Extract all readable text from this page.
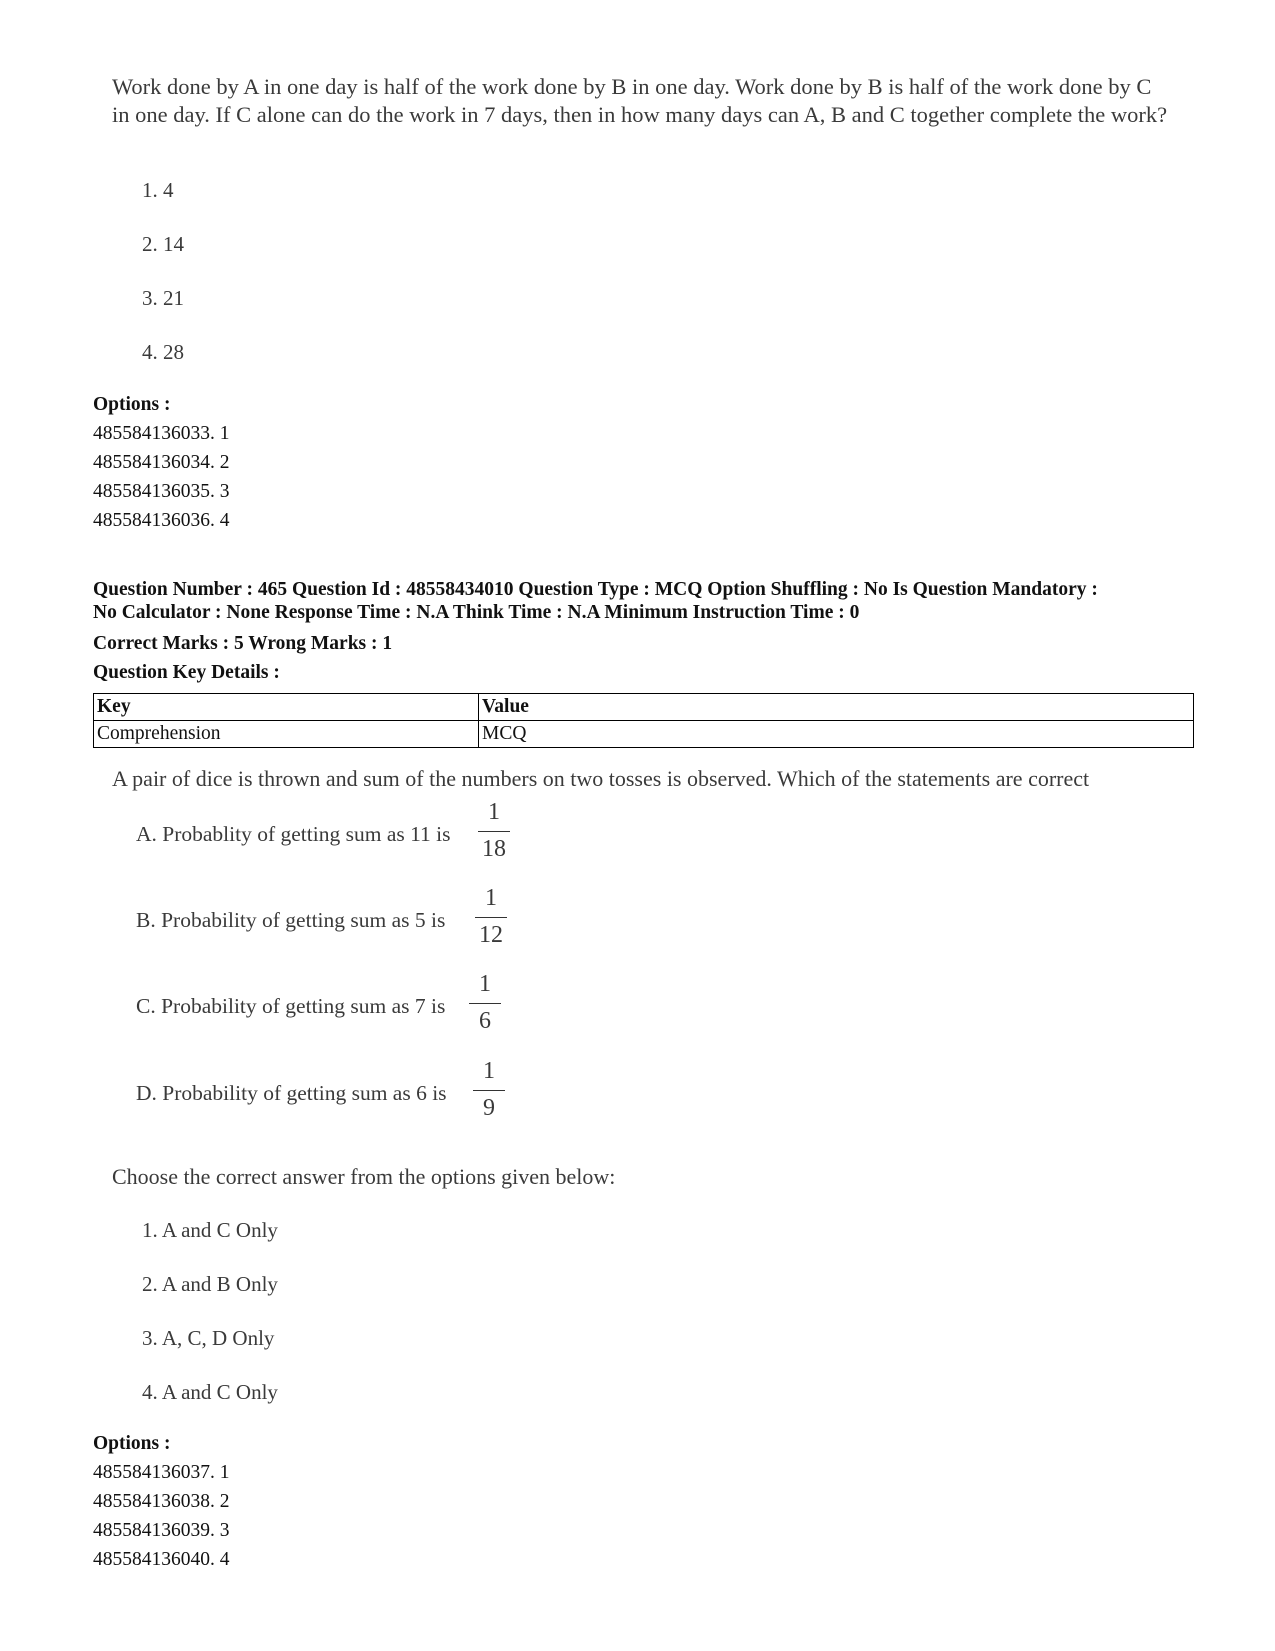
Work done by A in one day is half of the work done by B in one day. Work done by B is half of the work done by C in one day. If C alone can do the work in 7 days, then in how many days can A, B and C together complete the work?
1. 4
2. 14
3. 21
4. 28
Options :
485584136033. 1
485584136034. 2
485584136035. 3
485584136036. 4
Question Number : 465 Question Id : 48558434010 Question Type : MCQ Option Shuffling : No Is Question Mandatory :
No Calculator : None Response Time : N.A Think Time : N.A Minimum Instruction Time : 0
Correct Marks : 5 Wrong Marks : 1
Question Key Details :
Key	Value
Comprehension	MCQ
A pair of dice is thrown and sum of the numbers on two tosses is observed. Which of the statements are correct
A. Probablity of getting sum as 11 is
1
18
B. Probability of getting sum as 5 is
1
12
C. Probability of getting sum as 7 is
1
6
D. Probability of getting sum as 6 is
1
9
Choose the correct answer from the options given below:
1. A and C Only
2. A and B Only
3. A, C, D Only
4. A and C Only
Options :
485584136037. 1
485584136038. 2
485584136039. 3
485584136040. 4
